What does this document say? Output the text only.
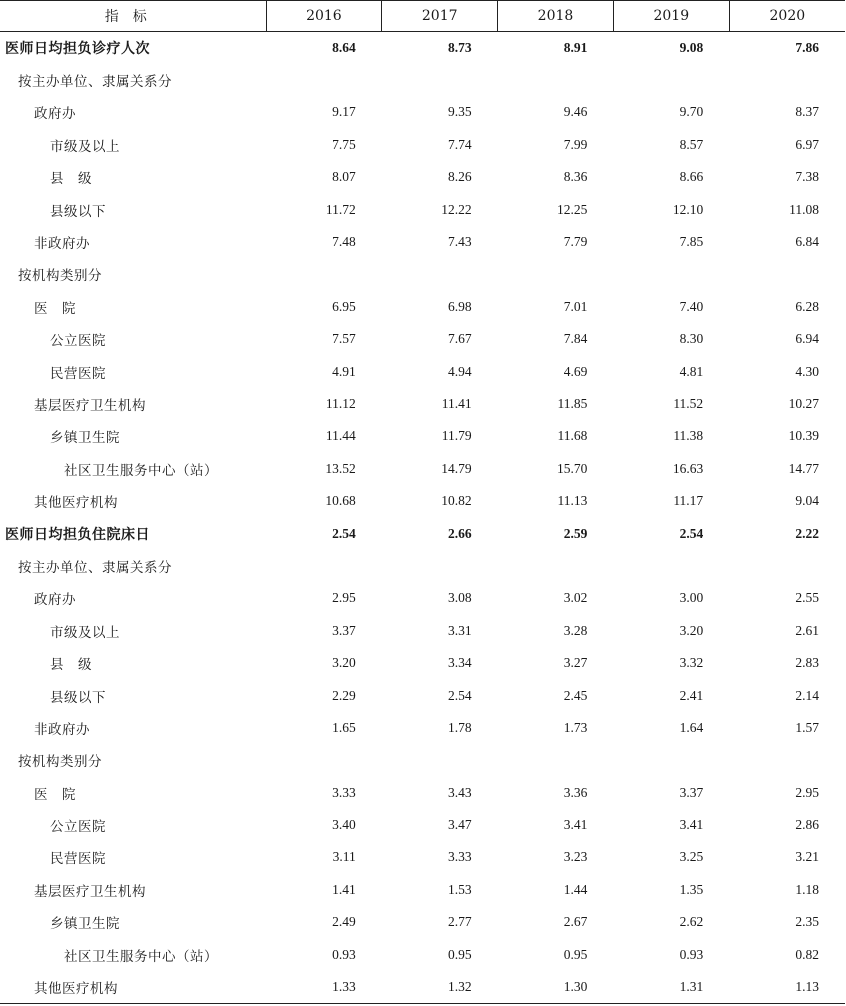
指标	2016	2017	2018	2019	2020
医师日均担负诊疗人次	8.64	8.73	8.91	9.08	7.86
按主办单位、隶属关系分					
政府办	9.17	9.35	9.46	9.70	8.37
市级及以上	7.75	7.74	7.99	8.57	6.97
县　级	8.07	8.26	8.36	8.66	7.38
县级以下	11.72	12.22	12.25	12.10	11.08
非政府办	7.48	7.43	7.79	7.85	6.84
按机构类别分					
医　院	6.95	6.98	7.01	7.40	6.28
公立医院	7.57	7.67	7.84	8.30	6.94
民营医院	4.91	4.94	4.69	4.81	4.30
基层医疗卫生机构	11.12	11.41	11.85	11.52	10.27
乡镇卫生院	11.44	11.79	11.68	11.38	10.39
社区卫生服务中心（站）	13.52	14.79	15.70	16.63	14.77
其他医疗机构	10.68	10.82	11.13	11.17	9.04
医师日均担负住院床日	2.54	2.66	2.59	2.54	2.22
按主办单位、隶属关系分					
政府办	2.95	3.08	3.02	3.00	2.55
市级及以上	3.37	3.31	3.28	3.20	2.61
县　级	3.20	3.34	3.27	3.32	2.83
县级以下	2.29	2.54	2.45	2.41	2.14
非政府办	1.65	1.78	1.73	1.64	1.57
按机构类别分					
医　院	3.33	3.43	3.36	3.37	2.95
公立医院	3.40	3.47	3.41	3.41	2.86
民营医院	3.11	3.33	3.23	3.25	3.21
基层医疗卫生机构	1.41	1.53	1.44	1.35	1.18
乡镇卫生院	2.49	2.77	2.67	2.62	2.35
社区卫生服务中心（站）	0.93	0.95	0.95	0.93	0.82
其他医疗机构	1.33	1.32	1.30	1.31	1.13
